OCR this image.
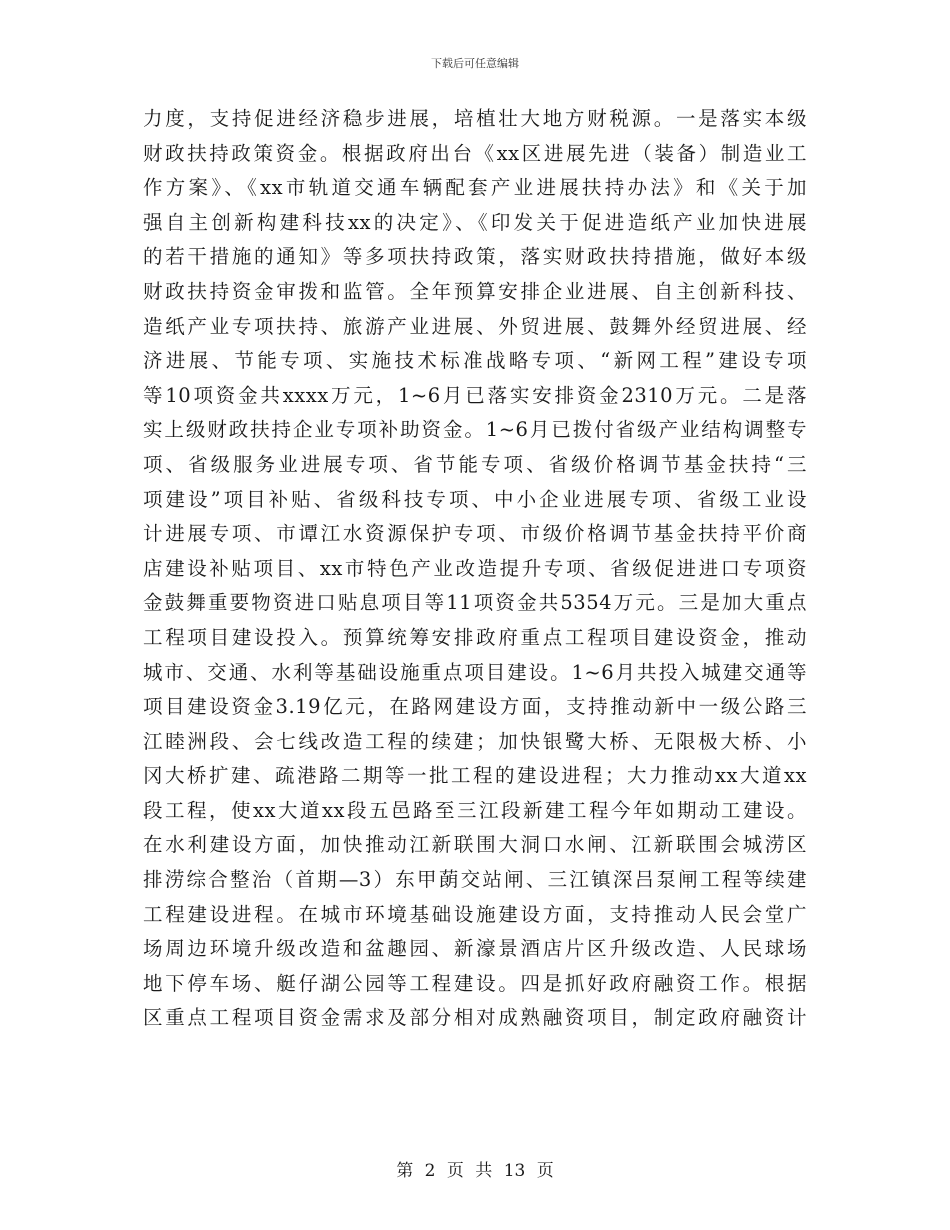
下载后可任意编辑
力度，支持促进经济稳步进展，培植壮大地方财税源。一是落实本级
财政扶持政策资金。根据政府出台《xx区进展先进（装备）制造业工
作方案》、《xx市轨道交通车辆配套产业进展扶持办法》和《关于加
强自主创新构建科技xx的决定》、《印发关于促进造纸产业加快进展
的若干措施的通知》等多项扶持政策，落实财政扶持措施，做好本级
财政扶持资金审拨和监管。全年预算安排企业进展、自主创新科技、
造纸产业专项扶持、旅游产业进展、外贸进展、鼓舞外经贸进展、经
济进展、节能专项、实施技术标准战略专项、“新网工程”建设专项
等10项资金共xxxx万元，1~6月已落实安排资金2310万元。二是落
实上级财政扶持企业专项补助资金。1~6月已拨付省级产业结构调整专
项、省级服务业进展专项、省节能专项、省级价格调节基金扶持“三
项建设”项目补贴、省级科技专项、中小企业进展专项、省级工业设
计进展专项、市谭江水资源保护专项、市级价格调节基金扶持平价商
店建设补贴项目、xx市特色产业改造提升专项、省级促进进口专项资
金鼓舞重要物资进口贴息项目等11项资金共5354万元。三是加大重点
工程项目建设投入。预算统筹安排政府重点工程项目建设资金，推动
城市、交通、水利等基础设施重点项目建设。1~6月共投入城建交通等
项目建设资金3.19亿元，在路网建设方面，支持推动新中一级公路三
江睦洲段、会七线改造工程的续建；加快银鹭大桥、无限极大桥、小
冈大桥扩建、疏港路二期等一批工程的建设进程；大力推动xx大道xx
段工程，使xx大道xx段五邑路至三江段新建工程今年如期动工建设。
在水利建设方面，加快推动江新联围大洞口水闸、江新联围会城涝区
排涝综合整治（首期—3）东甲蓢交站闸、三江镇深吕泵闸工程等续建
工程建设进程。在城市环境基础设施建设方面，支持推动人民会堂广
场周边环境升级改造和盆趣园、新濠景酒店片区升级改造、人民球场
地下停车场、艇仔湖公园等工程建设。四是抓好政府融资工作。根据
区重点工程项目资金需求及部分相对成熟融资项目，制定政府融资计
第 2 页 共 13 页
